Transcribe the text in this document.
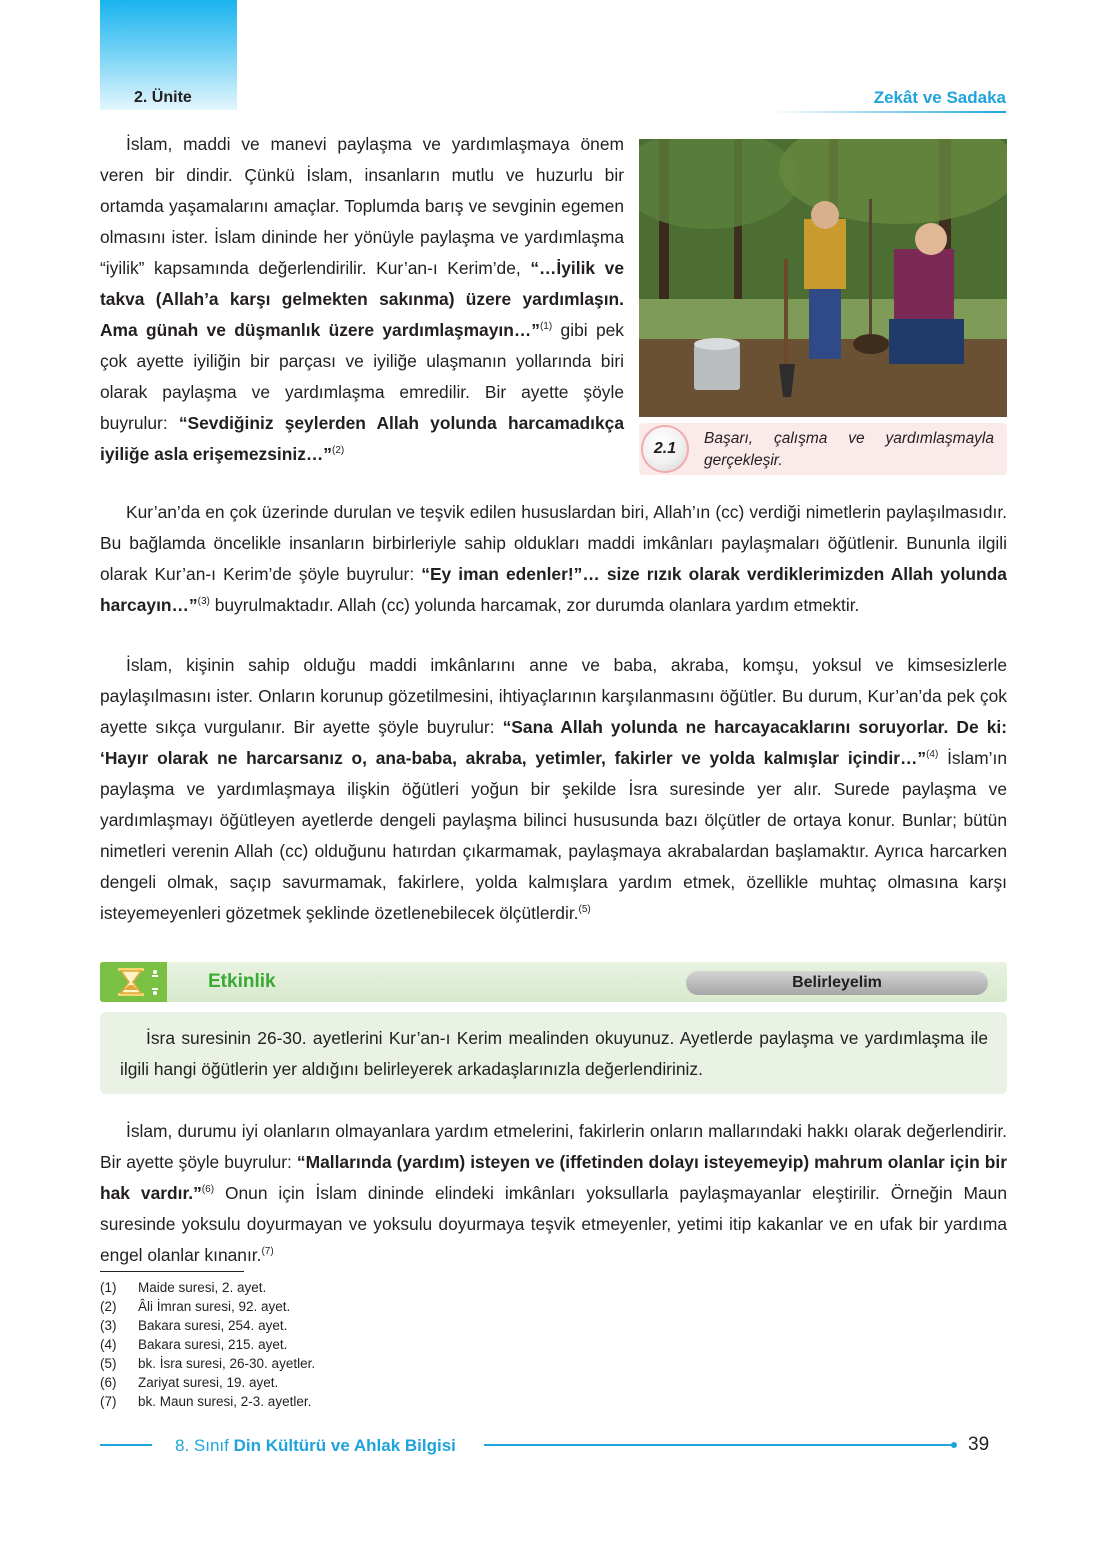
2. Ünite	Zekât ve Sadaka
İslam, maddi ve manevi paylaşma ve yardımlaşmaya önem veren bir dindir. Çünkü İslam, insanların mutlu ve huzurlu bir ortamda yaşamalarını amaçlar. Toplumda barış ve sevginin egemen olmasını ister. İslam dininde her yönüyle paylaşma ve yardımlaşma “iyilik” kapsamında değerlendirilir. Kur’an-ı Kerim’de, “…İyilik ve takva (Allah’a karşı gelmekten sakınma) üzere yardımlaşın. Ama günah ve düşmanlık üzere yardımlaşmayın…”$^{(1)}$ gibi pek çok ayette iyiliğin bir parçası ve iyiliğe ulaşmanın yollarında biri olarak paylaşma ve yardımlaşma emredilir. Bir ayette şöyle buyrulur: “Sevdiğiniz şeylerden Allah yolunda harcamadıkça iyiliğe asla erişemezsiniz…”$^{(2)}$	2.1
Başarı, çalışma ve yardımlaşmayla gerçekleşir.
Kur’an’da en çok üzerinde durulan ve teşvik edilen hususlardan biri, Allah’ın (cc) verdiği nimetlerin paylaşılmasıdır. Bu bağlamda öncelikle insanların birbirleriyle sahip oldukları maddi imkânları paylaşmaları öğütlenir. Bununla ilgili olarak Kur’an-ı Kerim’de şöyle buyrulur: “Ey iman edenler!”… size rızık olarak verdiklerimizden Allah yolunda harcayın…”$^{(3)}$ buyrulmaktadır. Allah (cc) yolunda harcamak, zor durumda olanlara yardım etmektir.
İslam, kişinin sahip olduğu maddi imkânlarını anne ve baba, akraba, komşu, yoksul ve kimsesizlerle paylaşılmasını ister. Onların korunup gözetilmesini, ihtiyaçlarının karşılanmasını öğütler. Bu durum, Kur’an’da pek çok ayette sıkça vurgulanır. Bir ayette şöyle buyrulur: “Sana Allah yolunda ne harcayacaklarını soruyorlar. De ki: ‘Hayır olarak ne harcarsanız o, ana-baba, akraba, yetimler, fakirler ve yolda kalmışlar içindir…”$^{(4)}$ İslam’ın paylaşma ve yardımlaşmaya ilişkin öğütleri yoğun bir şekilde İsra suresinde yer alır. Surede paylaşma ve yardımlaşmayı öğütleyen ayetlerde dengeli paylaşma bilinci hususunda bazı ölçütler de ortaya konur. Bunlar; bütün nimetleri verenin Allah (cc) olduğunu hatırdan çıkarmamak, paylaşmaya akrabalardan başlamaktır. Ayrıca harcarken dengeli olmak, saçıp savurmamak, fakirlere, yolda kalmışlara yardım etmek, özellikle muhtaç olmasına karşı isteyemeyenleri gözetmek şeklinde özetlenebilecek ölçütlerdir.$^{(5)}$
Etkinlik	Belirleyelim
İsra suresinin 26-30. ayetlerini Kur’an-ı Kerim mealinden okuyunuz. Ayetlerde paylaşma ve yardımlaşma ile ilgili hangi öğütlerin yer aldığını belirleyerek arkadaşlarınızla değerlendiriniz.
İslam, durumu iyi olanların olmayanlara yardım etmelerini, fakirlerin onların mallarındaki hakkı olarak değerlendirir. Bir ayette şöyle buyrulur: “Mallarında (yardım) isteyen ve (iffetinden dolayı isteyemeyip) mahrum olanlar için bir hak vardır.”$^{(6)}$ Onun için İslam dininde elindeki imkânları yoksullarla paylaşmayanlar eleştirilir. Örneğin Maun suresinde yoksulu doyurmayan ve yoksulu doyurmaya teşvik etmeyenler, yetimi itip kakanlar ve en ufak bir yardıma engel olanlar kınanır.$^{(7)}$
(1)	Maide suresi, 2. ayet.
(2)	Âli İmran suresi, 92. ayet.
(3)	Bakara suresi, 254. ayet.
(4)	Bakara suresi, 215. ayet.
(5)	bk. İsra suresi, 26-30. ayetler.
(6)	Zariyat suresi, 19. ayet.
(7)	bk. Maun suresi, 2-3. ayetler.
8. Sınıf Din Kültürü ve Ahlak Bilgisi	39
